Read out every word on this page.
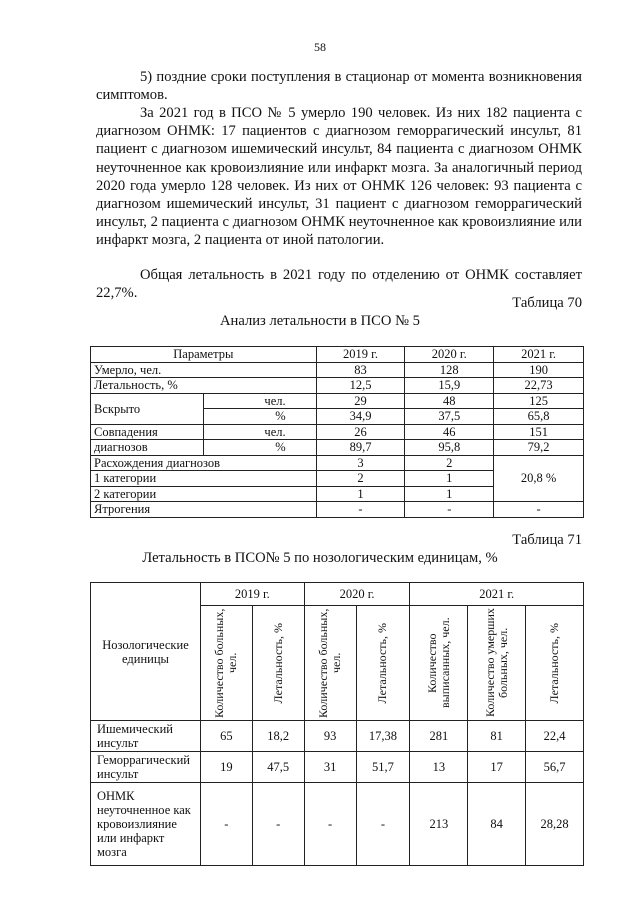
58

5) поздние сроки поступления в стационар от момента возникновения симптомов.

За 2021 год в ПСО № 5 умерло 190 человек. Из них 182 пациента с диагнозом ОНМК: 17 пациентов с диагнозом геморрагический инсульт, 81 пациент с диагнозом ишемический инсульт, 84 пациента с диагнозом ОНМК неуточненное как кровоизлияние или инфаркт мозга. За аналогичный период 2020 года умерло 128 человек. Из них от ОНМК 126 человек: 93 пациента с диагнозом ишемический инсульт, 31 пациент с диагнозом геморрагический инсульт, 2 пациента с диагнозом ОНМК неуточненное как кровоизлияние или инфаркт мозга, 2 пациента от иной патологии.

Общая летальность в 2021 году по отделению от ОНМК составляет 22,7%.

Таблица 70
Анализ летальности в ПСО № 5
Параметры		2019 г.	2020 г.	2021 г.
Умерло, чел.		83	128	190
Летальность, %		12,5	15,9	22,73
Вскрыто	чел.	29	48	125
	%	34,9	37,5	65,8
Совпадения	чел.	26	46	151
диагнозов	%	89,7	95,8	79,2
Расхождения диагнозов		3	2	20,8 %
1 категории		2	1	
2 категории		1	1	
Ятрогения		-	-	-
Таблица 71
Летальность в ПСО№ 5 по нозологическим единицам, %
Нозологические единицы	2019 г.		2020 г.		2021 г.		

	Количество больных, чел.	Летальность, %	Количество больных, чел.	Летальность, %	Количество выписанных, чел.	Количество умерших больных, чел.	Летальность, %

Ишемический инсульт	65	18,2	93	17,38	281	81	22,4
Геморрагический инсульт	19	47,5	31	51,7	13	17	56,7
ОНМК неуточненное как кровоизлияние или инфаркт мозга	-	-	-	-	213	84	28,28
